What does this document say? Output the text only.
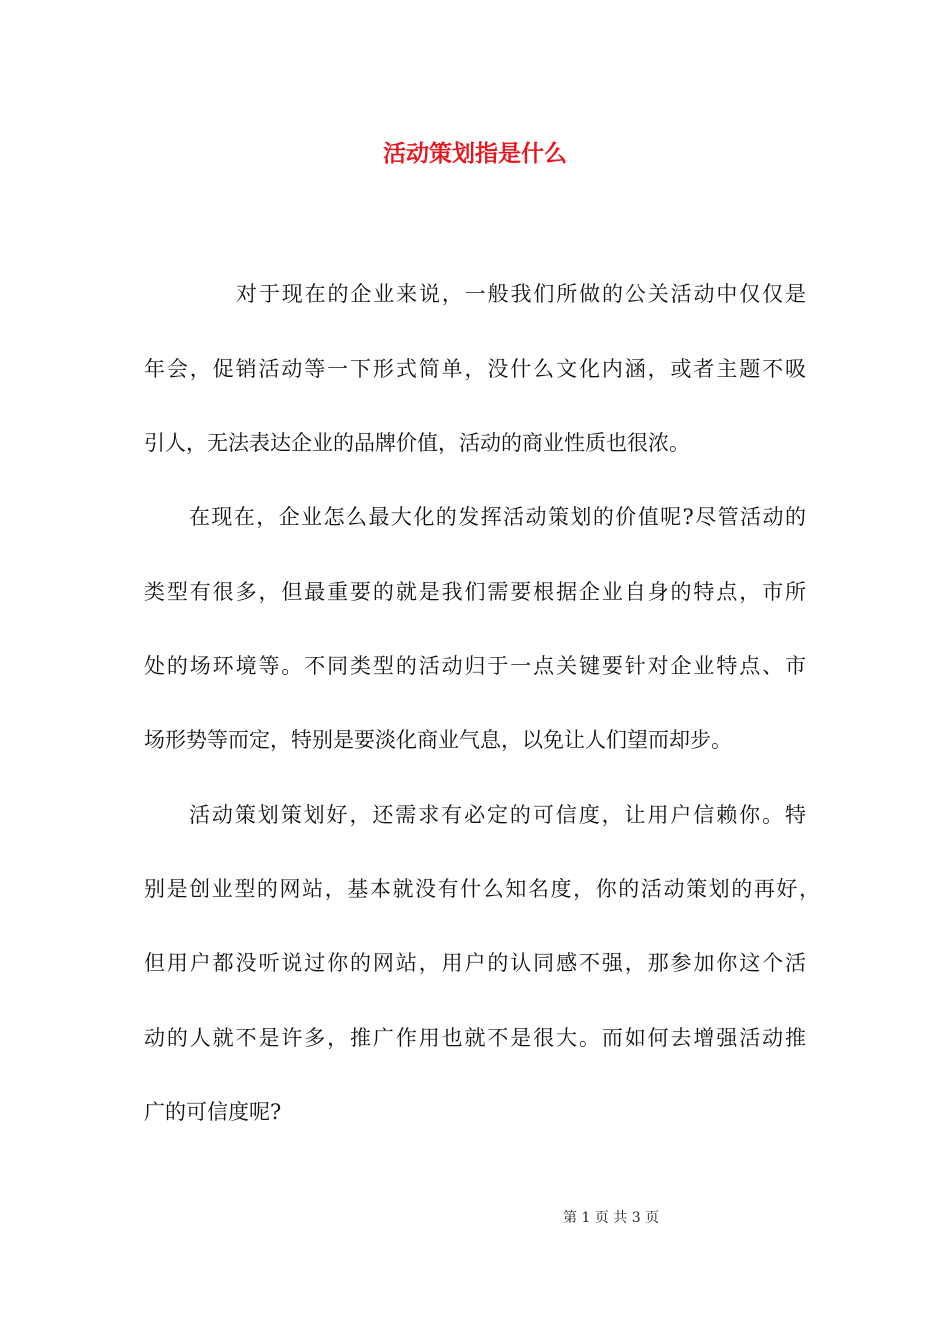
活动策划指是什么

对于现在的企业来说，一般我们所做的公关活动中仅仅是

年会，促销活动等一下形式简单，没什么文化内涵，或者主题不吸

引人，无法表达企业的品牌价值，活动的商业性质也很浓。

在现在，企业怎么最大化的发挥活动策划的价值呢?尽管活动的

类型有很多，但最重要的就是我们需要根据企业自身的特点，市所

处的场环境等。不同类型的活动归于一点关键要针对企业特点、市

场形势等而定，特别是要淡化商业气息，以免让人们望而却步。

活动策划策划好，还需求有必定的可信度，让用户信赖你。特

别是创业型的网站，基本就没有什么知名度，你的活动策划的再好，

但用户都没听说过你的网站，用户的认同感不强，那参加你这个活

动的人就不是许多，推广作用也就不是很大。而如何去增强活动推

广的可信度呢?

第 1 页 共 3 页
